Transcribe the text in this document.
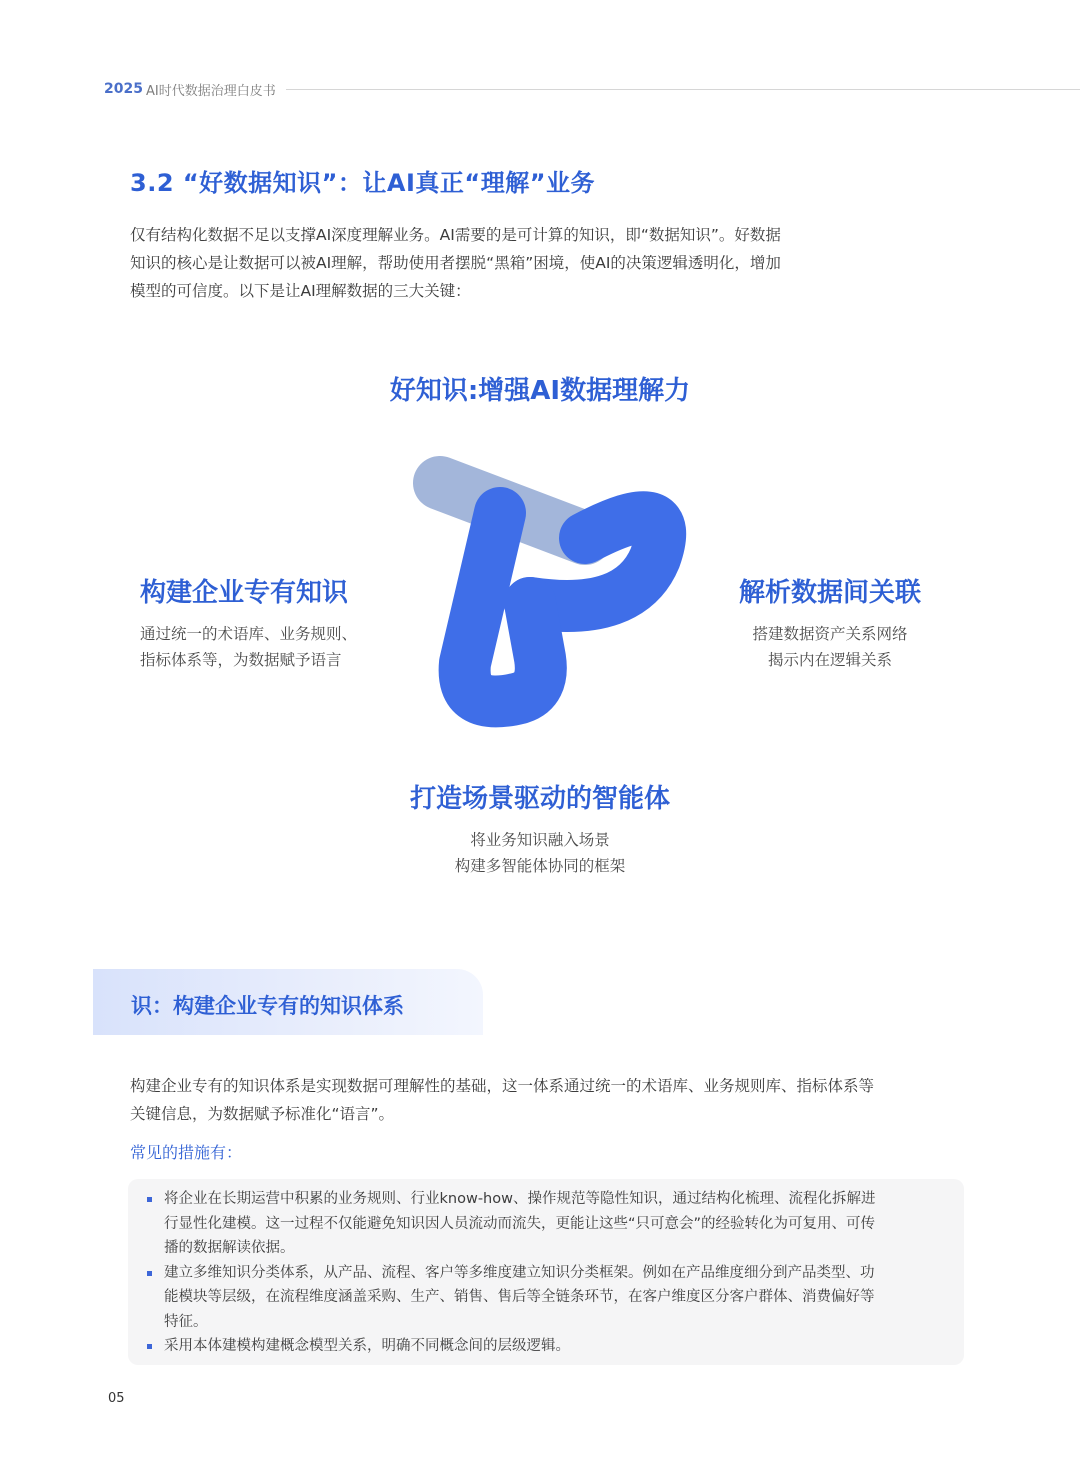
2025 AI时代数据治理白皮书
3.2 “好数据知识”：让AI真正“理解”业务

仅有结构化数据不足以支撑AI深度理解业务。AI需要的是可计算的知识，即“数据知识”。好数据

知识的核心是让数据可以被AI理解，帮助使用者摆脱“黑箱”困境，使AI的决策逻辑透明化，增加

模型的可信度。以下是让AI理解数据的三大关键：

好知识:增强AI数据理解力
构建企业专有知识
通过统一的术语库、业务规则、
指标体系等，为数据赋予语言
解析数据间关联
搭建数据资产关系网络
揭示内在逻辑关系
打造场景驱动的智能体
将业务知识融入场景
构建多智能体协同的框架
识：构建企业专有的知识体系

构建企业专有的知识体系是实现数据可理解性的基础，这一体系通过统一的术语库、业务规则库、指标体系等

关键信息，为数据赋予标准化“语言”。

常见的措施有：
将企业在长期运营中积累的业务规则、行业know-how、操作规范等隐性知识，通过结构化梳理、流程化拆解进
行显性化建模。这一过程不仅能避免知识因人员流动而流失，更能让这些“只可意会”的经验转化为可复用、可传
播的数据解读依据。
建立多维知识分类体系，从产品、流程、客户等多维度建立知识分类框架。例如在产品维度细分到产品类型、功
能模块等层级，在流程维度涵盖采购、生产、销售、售后等全链条环节，在客户维度区分客户群体、消费偏好等
特征。
采用本体建模构建概念模型关系，明确不同概念间的层级逻辑。
05
